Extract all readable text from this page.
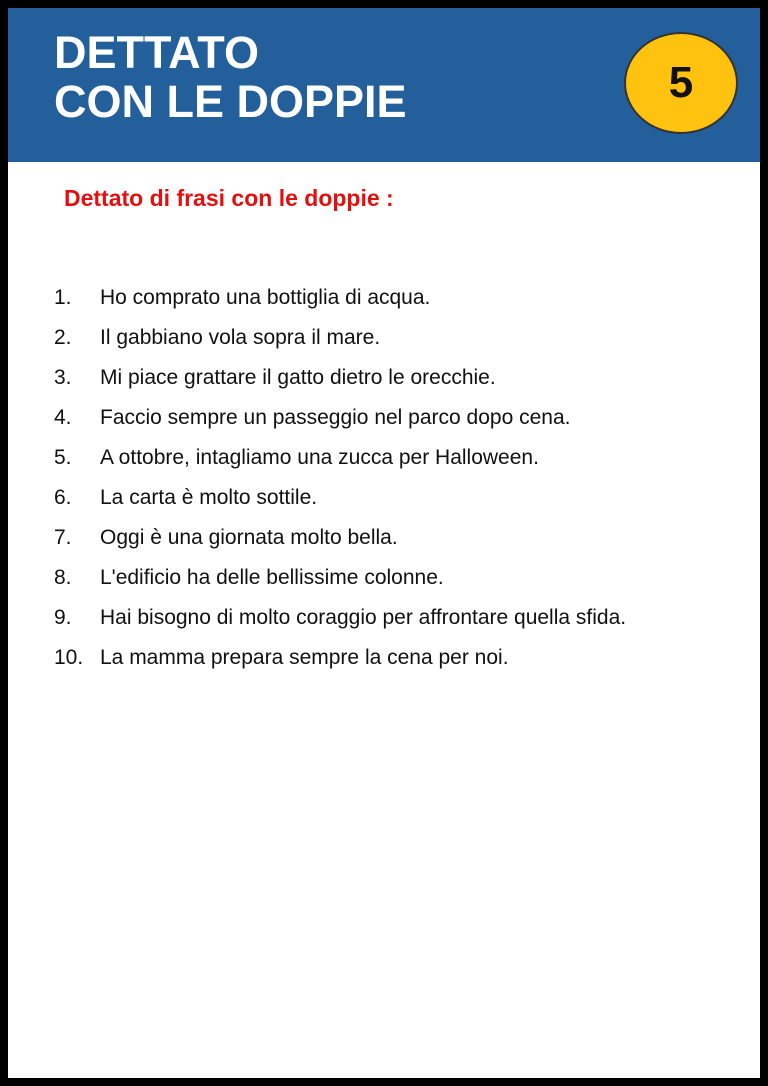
DETTATO
CON LE DOPPIE	5
Dettato di frasi con le doppie :
1.	Ho comprato una bottiglia di acqua.
2.	Il gabbiano vola sopra il mare.
3.	Mi piace grattare il gatto dietro le orecchie.
4.	Faccio sempre un passeggio nel parco dopo cena.
5.	A ottobre, intagliamo una zucca per Halloween.
6.	La carta è molto sottile.
7.	Oggi è una giornata molto bella.
8.	L'edificio ha delle bellissime colonne.
9.	Hai bisogno di molto coraggio per affrontare quella sfida.
10. La mamma prepara sempre la cena per noi.
